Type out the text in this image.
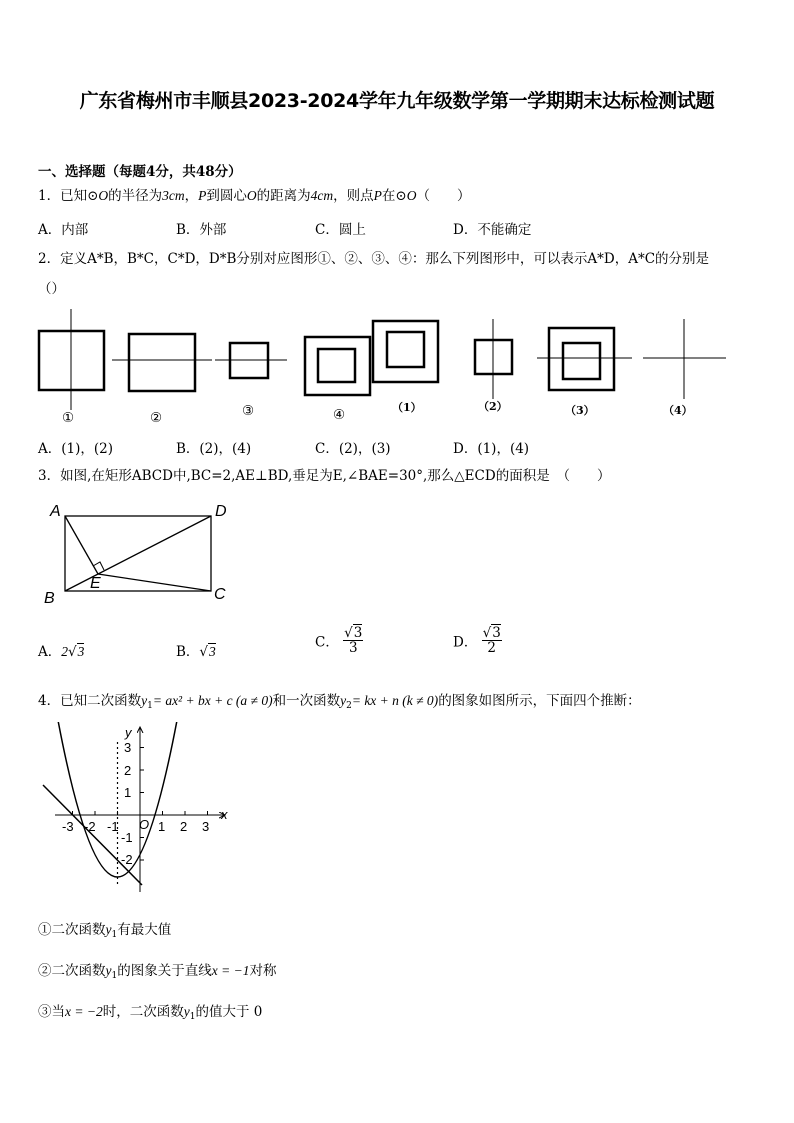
广东省梅州市丰顺县2023-2024学年九年级数学第一学期期末达标检测试题
一、选择题（每题4分，共48分）
1．已知⊙O的半径为3cm，P到圆心O的距离为4cm，则点P在⊙O（　　）
A．内部	B．外部	C．圆上	D．不能确定
2．定义A*B，B*C，C*D，D*B分别对应图形①、②、③、④：那么下列图形中，可以表示A*D，A*C的分别是
（）
①	②	③	④	（1）	（2）	（3）	（4）
A．(1)，(2)	B．(2)，(4)	C．(2)，(3)	D．(1)，(4)
3．如图,在矩形ABCD中,BC=2,AE⊥BD,垂足为E,∠BAE=30°,那么△ECD的面积是　（　　）
A	D
B	C
E
A．2√3	B．√3
C． $\frac{√3}{3}$	D． $\frac{√3}{2}$
4．已知二次函数$y_1= ax^2$ + bx + c (a ≠ 0)和一次函数$y_2=$ kx + n (k ≠ 0)的图象如图所示，下面四个推断：
x
y
O
-3 -2 -1	1 2 3
3
2
1
-1
-2
①二次函数$y_1$有最大值
②二次函数$y_1$的图象关于直线x = −1对称
③当x = −2时，二次函数$y_1$的值大于 0
